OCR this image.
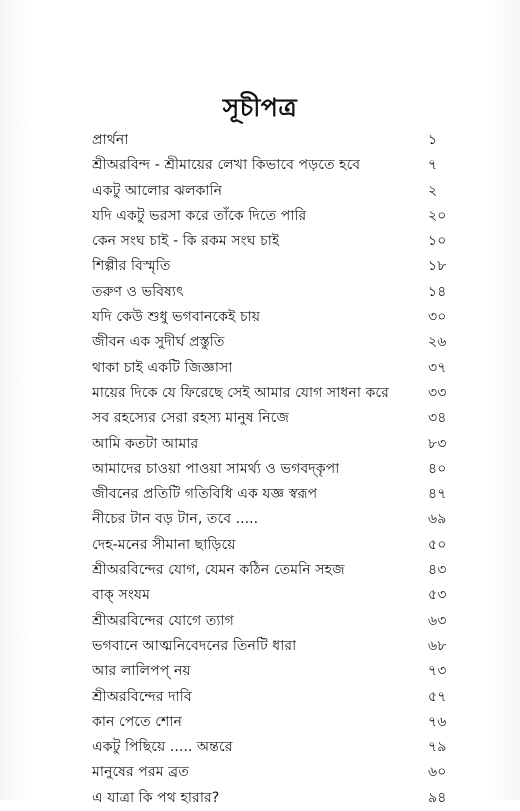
সূচীপত্র
প্রার্থনা	১
শ্রীঅরবিন্দ - শ্রীমায়ের লেখা কিভাবে পড়তে হবে	৭
একটু আলোর ঝলকানি	২
যদি একটু ভরসা করে তাঁকে দিতে পারি	২০
কেন সংঘ চাই - কি রকম সংঘ চাই	১০
শিল্পীর বিস্মৃতি	১৮
তরুণ ও ভবিষ্যৎ	১৪
যদি কেউ শুধু ভগবানকেই চায়	৩০
জীবন এক সুদীর্ঘ প্রস্তুতি	২৬
থাকা চাই একটি জিজ্ঞাসা	৩৭
মায়ের দিকে যে ফিরেছে সেই আমার যোগ সাধনা করে	৩৩
সব রহস্যের সেরা রহস্য মানুষ নিজে	৩৪
আমি কতটা আমার	৮৩
আমাদের চাওয়া পাওয়া সামর্থ্য ও ভগবদ্কৃপা	৪০
জীবনের প্রতিটি গতিবিধি এক যজ্ঞ স্বরূপ	৪৭
নীচের টান বড় টান, তবে .....	৬৯
দেহ-মনের সীমানা ছাড়িয়ে	৫০
শ্রীঅরবিন্দের যোগ, যেমন কঠিন তেমনি সহজ	৪৩
বাক্ সংযম	৫৩
শ্রীঅরবিন্দের যোগে ত্যাগ	৬৩
ভগবানে আত্মনিবেদনের তিনটি ধারা	৬৮
আর লালিপপ্ নয়	৭৩
শ্রীঅরবিন্দের দাবি	৫৭
কান পেতে শোন	৭৬
একটু পিছিয়ে ..... অন্তরে	৭৯
মানুষের পরম ব্রত	৬০
এ যাত্রা কি পথ হারার?	৯৪
